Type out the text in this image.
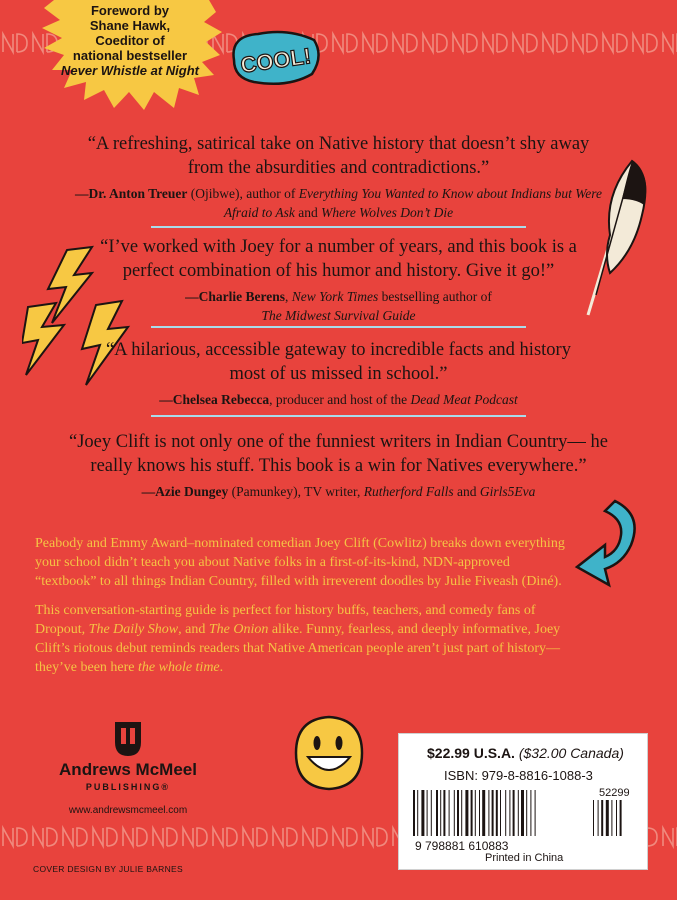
Foreword by
Shane Hawk,
Coeditor of
national bestseller
Never Whistle at Night COOL!
“A refreshing, satirical take on Native history that doesn’t shy away from the absurdities and contradictions.”
—Dr. Anton Treuer (Ojibwe), author of Everything You Wanted to Know about Indians but Were Afraid to Ask and Where Wolves Don’t Die
“I’ve worked with Joey for a number of years, and this book is a perfect combination of his humor and history. Give it go!”
—Charlie Berens, New York Times bestselling author of
The Midwest Survival Guide
“A hilarious, accessible gateway to incredible facts and history most of us missed in school.”
—Chelsea Rebecca, producer and host of the Dead Meat Podcast
“Joey Clift is not only one of the funniest writers in Indian Country— he really knows his stuff. This book is a win for Natives everywhere.”
—Azie Dungey (Pamunkey), TV writer, Rutherford Falls and Girls5Eva

Peabody and Emmy Award–nominated comedian Joey Clift (Cowlitz) breaks down everything your school didn’t teach you about Native folks in a first-of-its-kind, NDN-approved “textbook” to all things Indian Country, filled with irreverent doodles by Julie Fiveash (Diné).

This conversation-starting guide is perfect for history buffs, teachers, and comedy fans of Dropout, The Daily Show, and The Onion alike. Funny, fearless, and deeply informative, Joey Clift’s riotous debut reminds readers that Native American people aren’t just part of history—they’ve been here the whole time.

Andrews McMeel
PUBLISHING®
www.andrewsmcmeel.com
$22.99 U.S.A. ($32.00 Canada)
ISBN: 979-8-8816-1088-3
9 798881 610883
52299
Printed in China
COVER DESIGN BY JULIE BARNES
